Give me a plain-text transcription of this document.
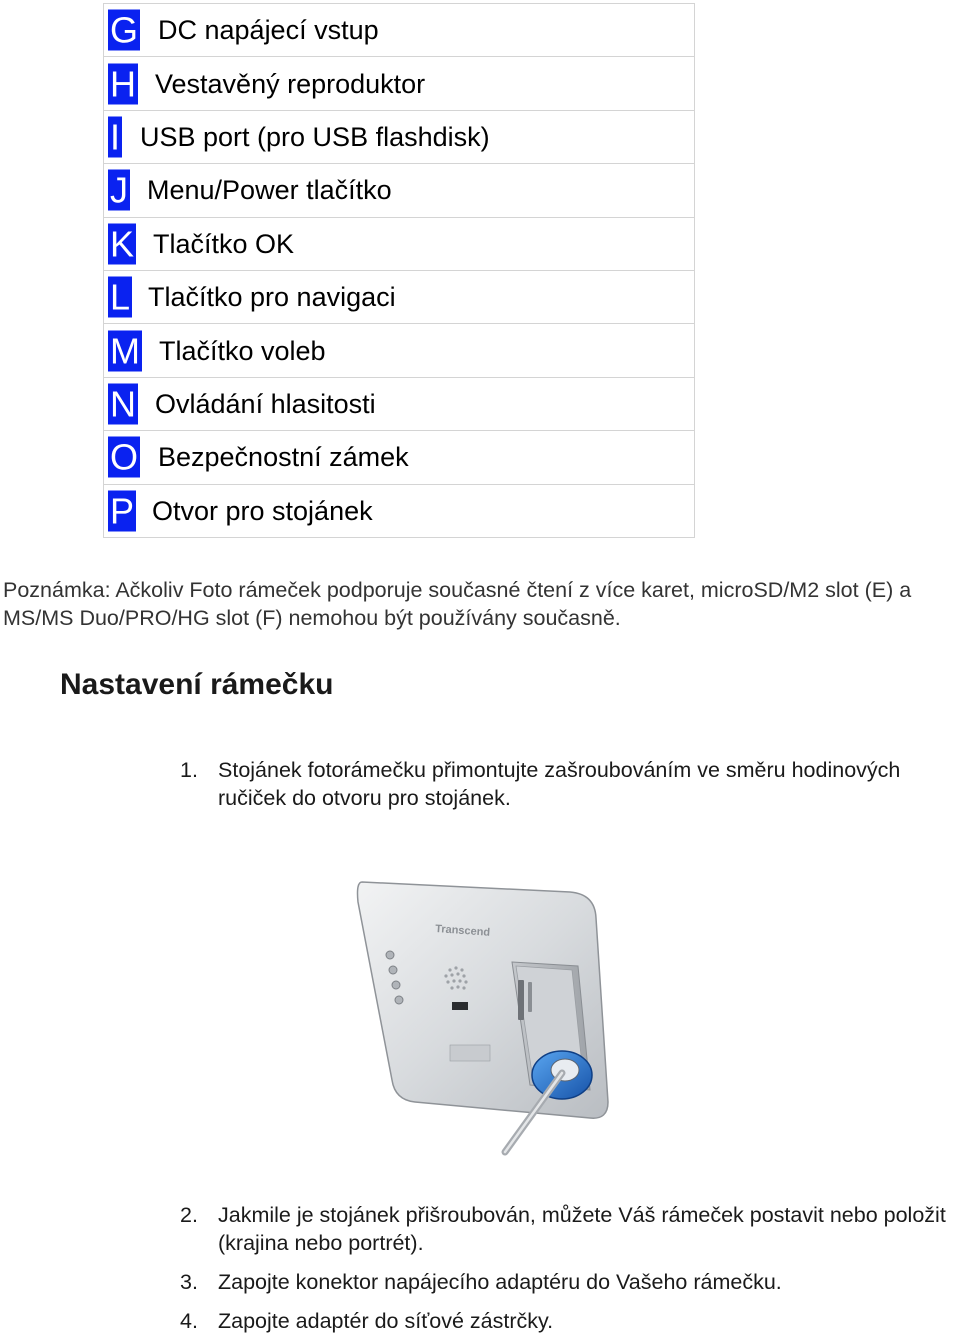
G DC napájecí vstup
H Vestavěný reproduktor
I USB port (pro USB flashdisk)
J Menu/Power tlačítko
K Tlačítko OK
L Tlačítko pro navigaci
M Tlačítko voleb
N Ovládání hlasitosti
O Bezpečnostní zámek
P Otvor pro stojánek

Poznámka: Ačkoliv Foto rámeček podporuje současné čtení z více karet, microSD/M2 slot (E) a MS/MS Duo/PRO/HG slot (F) nemohou být používány současně.

Nastavení rámečku
1. Stojánek fotorámečku přimontujte zašroubováním ve směru hodinových ručiček do otvoru pro stojánek.
Transcend
2. Jakmile je stojánek přišroubován, můžete Váš rámeček postavit nebo položit (krajina nebo portrét).
3. Zapojte konektor napájecího adaptéru do Vašeho rámečku.
4. Zapojte adaptér do síťové zástrčky.
